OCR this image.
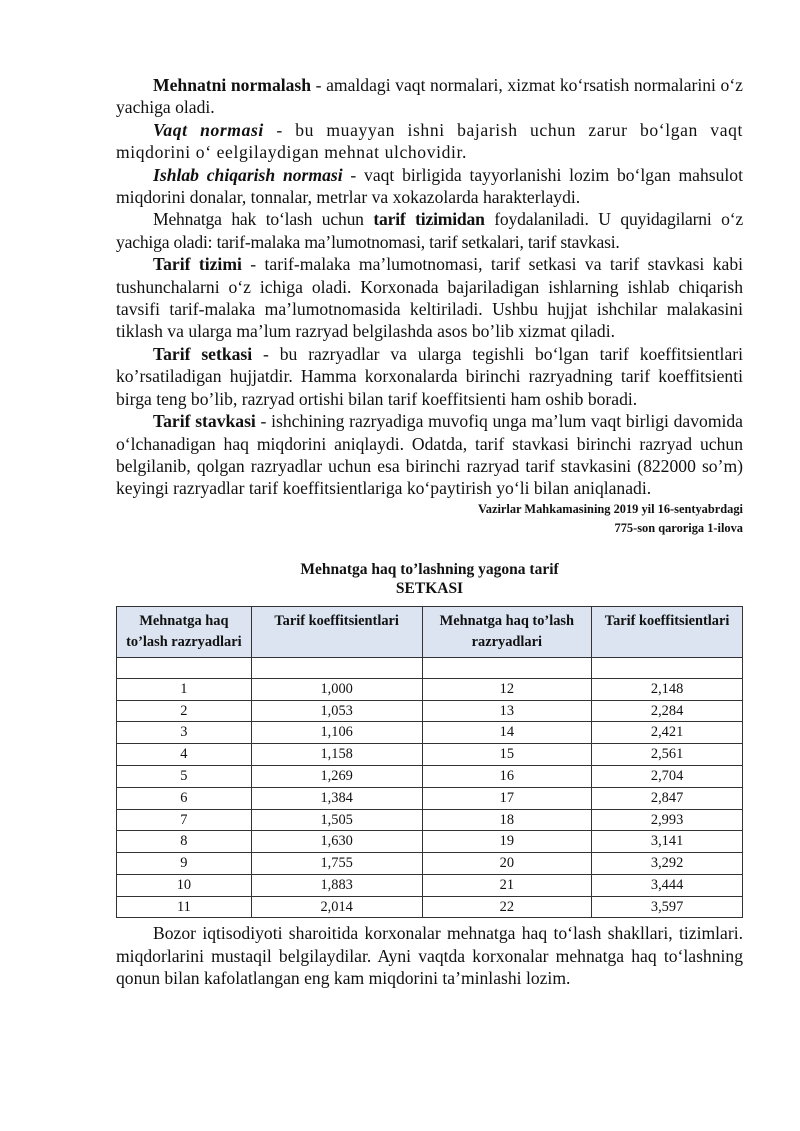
Mehnatni normalash - amaldagi vaqt normalari, xizmat ko‘rsatish normalarini o‘z yachiga oladi.

Vaqt normasi - bu muayyan ishni bajarish uchun zarur bo‘lgan vaqt miqdorini o‘ eelgilaydigan mehnat ulchovidir.

Ishlab chiqarish normasi - vaqt birligida tayyorlanishi lozim bo‘lgan mahsulot miqdorini donalar, tonnalar, metrlar va xokazolarda harakterlaydi.

Mehnatga hak to‘lash uchun tarif tizimidan foydalaniladi. U quyidagilarni o‘z yachiga oladi: tarif-malaka ma’lumotnomasi, tarif setkalari, tarif stavkasi.

Tarif tizimi - tarif-malaka ma’lumotnomasi, tarif setkasi va tarif stavkasi kabi tushunchalarni o‘z ichiga oladi. Korxonada bajariladigan ishlarning ishlab chiqarish tavsifi tarif-malaka ma’lumotnomasida keltiriladi. Ushbu hujjat ishchilar malakasini tiklash va ularga ma’lum razryad belgilashda asos bo’lib xizmat qiladi.

Tarif setkasi - bu razryadlar va ularga tegishli bo‘lgan tarif koeffitsientlari ko’rsatiladigan hujjatdir. Hamma korxonalarda birinchi razryadning tarif koeffitsienti birga teng bo’lib, razryad ortishi bilan tarif koeffitsienti ham oshib boradi.

Tarif stavkasi - ishchining razryadiga muvofiq unga ma’lum vaqt birligi davomida o‘lchanadigan haq miqdorini aniqlaydi. Odatda, tarif stavkasi birinchi razryad uchun belgilanib, qolgan razryadlar uchun esa birinchi razryad tarif stavkasini (822000 so’m) keyingi razryadlar tarif koeffitsientlariga ko‘paytirish yo‘li bilan aniqlanadi.

Vazirlar Mahkamasining 2019 yil 16-sentyabrdagi

775-son qaroriga 1-ilova

Mehnatga haq to’lashning yagona tarif
SETKASI
Mehnatga haq to’lash razryadlari	Tarif koeffitsientlari	Mehnatga haq to’lash razryadlari	Tarif koeffitsientlari

1	1,000	12	2,148
2	1,053	13	2,284
3	1,106	14	2,421
4	1,158	15	2,561
5	1,269	16	2,704
6	1,384	17	2,847
7	1,505	18	2,993
8	1,630	19	3,141
9	1,755	20	3,292
10	1,883	21	3,444
11	2,014	22	3,597

Bozor iqtisodiyoti sharoitida korxonalar mehnatga haq to‘lash shakllari, tizimlari. miqdorlarini mustaqil belgilaydilar. Ayni vaqtda korxonalar mehnatga haq to‘lashning qonun bilan kafolatlangan eng kam miqdorini ta’minlashi lozim.
